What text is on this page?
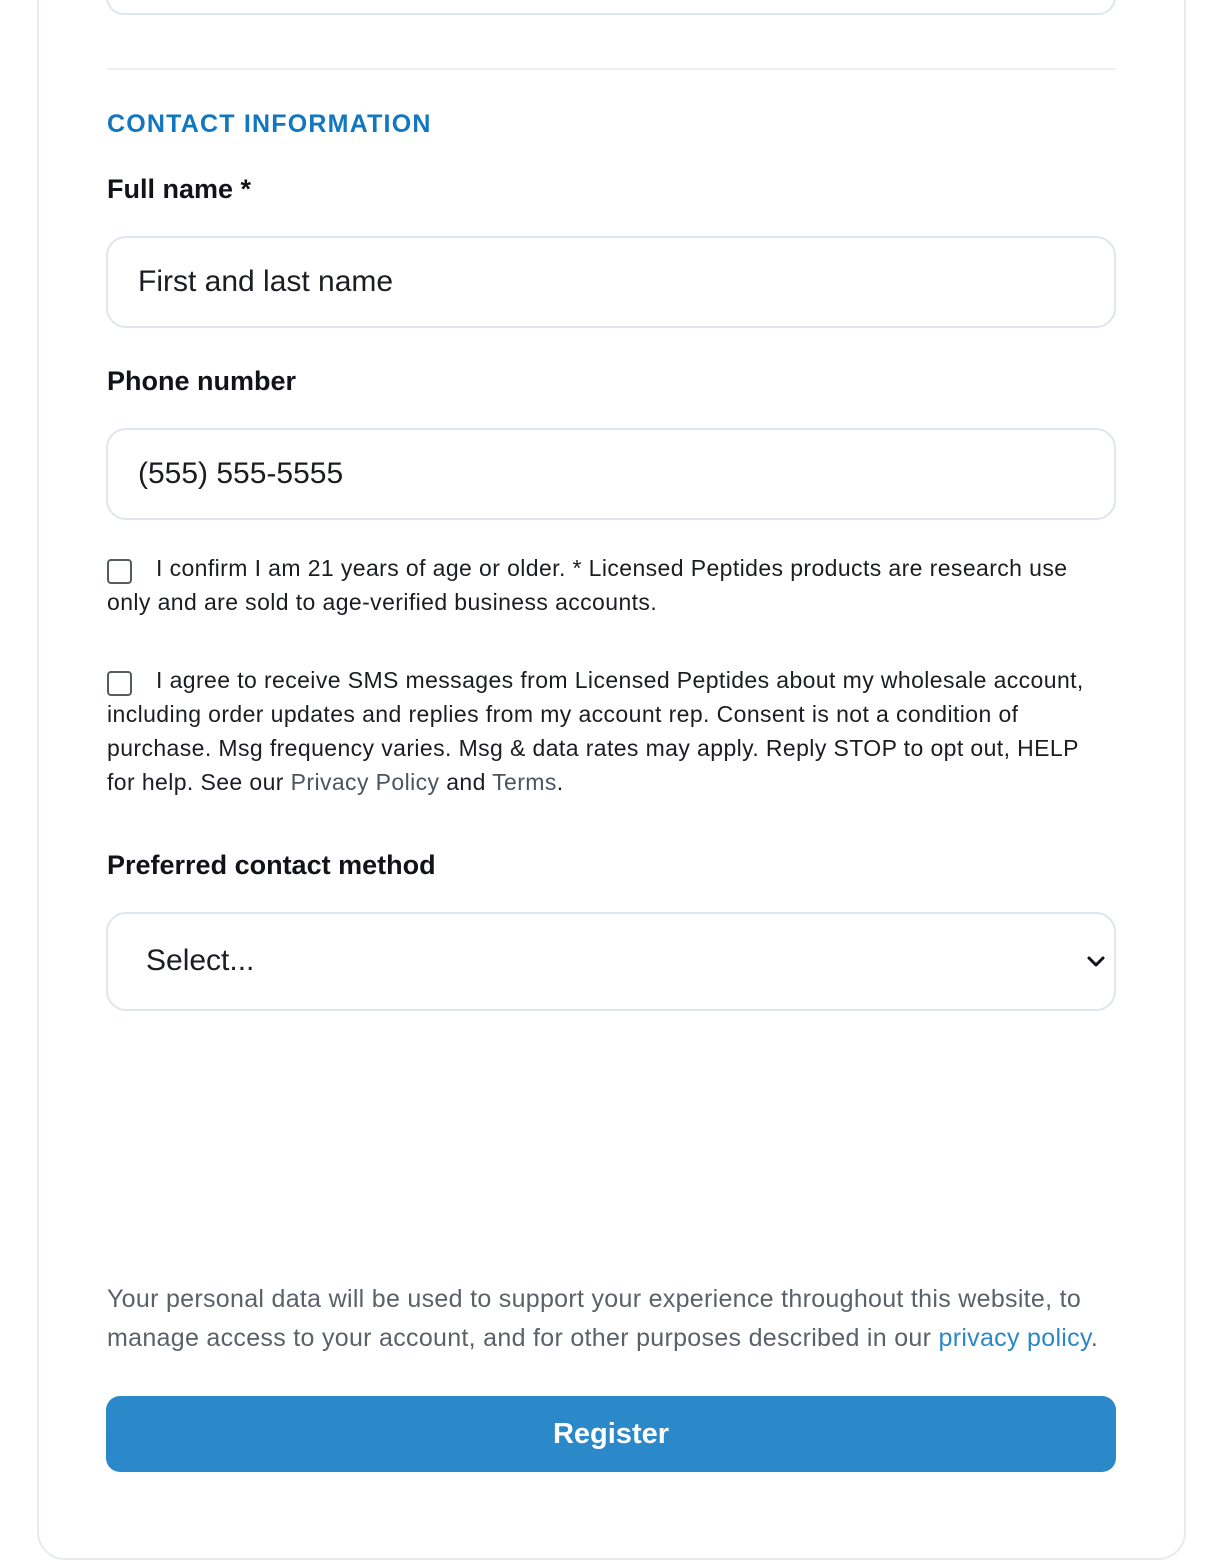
CONTACT INFORMATION
Full name *
First and last name
Phone number
(555) 555-5555
I confirm I am 21 years of age or older. * Licensed Peptides products are research use only and are sold to age-verified business accounts.
I agree to receive SMS messages from Licensed Peptides about my wholesale account, including order updates and replies from my account rep. Consent is not a condition of purchase. Msg frequency varies. Msg & data rates may apply. Reply STOP to opt out, HELP for help. See our Privacy Policy and Terms.
Preferred contact method
Select...
Your personal data will be used to support your experience throughout this website, to manage access to your account, and for other purposes described in our privacy policy.
Register
